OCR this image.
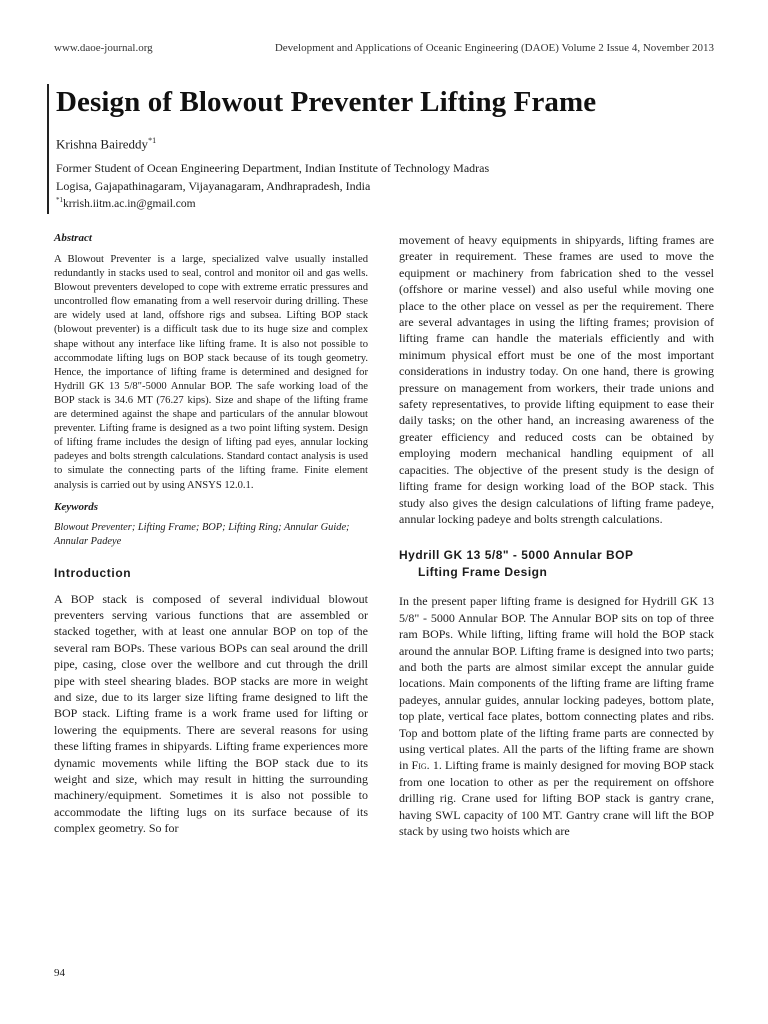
www.daoe-journal.org	Development and Applications of Oceanic Engineering (DAOE) Volume 2 Issue 4, November 2013
Design of Blowout Preventer Lifting Frame
Krishna Baireddy$^{*1}$
Former Student of Ocean Engineering Department, Indian Institute of Technology Madras
Logisa, Gajapathinagaram, Vijayanagaram, Andhrapradesh, India
$^{*1}$krrish.iitm.ac.in@gmail.com
Abstract
A Blowout Preventer is a large, specialized valve usually installed redundantly in stacks used to seal, control and monitor oil and gas wells. Blowout preventers developed to cope with extreme erratic pressures and uncontrolled flow emanating from a well reservoir during drilling. These are widely used at land, offshore rigs and subsea. Lifting BOP stack (blowout preventer) is a difficult task due to its huge size and complex shape without any interface like lifting frame. It is also not possible to accommodate lifting lugs on BOP stack because of its tough geometry. Hence, the importance of lifting frame is determined and designed for Hydrill GK 13 5/8"-5000 Annular BOP. The safe working load of the BOP stack is 34.6 MT (76.27 kips). Size and shape of the lifting frame are determined against the shape and particulars of the annular blowout preventer. Lifting frame is designed as a two point lifting system. Design of lifting frame includes the design of lifting pad eyes, annular locking padeyes and bolts strength calculations. Standard contact analysis is used to simulate the connecting parts of the lifting frame. Finite element analysis is carried out by using ANSYS 12.0.1.
Keywords
Blowout Preventer; Lifting Frame; BOP; Lifting Ring; Annular Guide; Annular Padeye
Introduction
A BOP stack is composed of several individual blowout preventers serving various functions that are assembled or stacked together, with at least one annular BOP on top of the several ram BOPs. These various BOPs can seal around the drill pipe, casing, close over the wellbore and cut through the drill pipe with steel shearing blades. BOP stacks are more in weight and size, due to its larger size lifting frame designed to lift the BOP stack. Lifting frame is a work frame used for lifting or lowering the equipments. There are several reasons for using these lifting frames in shipyards. Lifting frame experiences more dynamic movements while lifting the BOP stack due to its weight and size, which may result in hitting the surrounding machinery/equipment. Sometimes it is also not possible to accommodate the lifting lugs on its surface because of its complex geometry. So for
movement of heavy equipments in shipyards, lifting frames are greater in requirement. These frames are used to move the equipment or machinery from fabrication shed to the vessel (offshore or marine vessel) and also useful while moving one place to the other place on vessel as per the requirement. There are several advantages in using the lifting frames; provision of lifting frame can handle the materials efficiently and with minimum physical effort must be one of the most important considerations in industry today. On one hand, there is growing pressure on management from workers, their trade unions and safety representatives, to provide lifting equipment to ease their daily tasks; on the other hand, an increasing awareness of the greater efficiency and reduced costs can be obtained by employing modern mechanical handling equipment of all capacities. The objective of the present study is the design of lifting frame for design working load of the BOP stack. This study also gives the design calculations of lifting frame padeye, annular locking padeye and bolts strength calculations.
Hydrill GK 13 5/8" - 5000 Annular BOP
Lifting Frame Design
In the present paper lifting frame is designed for Hydrill GK 13 5/8" - 5000 Annular BOP. The Annular BOP sits on top of three ram BOPs. While lifting, lifting frame will hold the BOP stack around the annular BOP. Lifting frame is designed into two parts; and both the parts are almost similar except the annular guide locations. Main components of the lifting frame are lifting frame padeyes, annular guides, annular locking padeyes, bottom plate, top plate, vertical face plates, bottom connecting plates and ribs. Top and bottom plate of the lifting frame parts are connected by using vertical plates. All the parts of the lifting frame are shown in Fig. 1. Lifting frame is mainly designed for moving BOP stack from one location to other as per the requirement on offshore drilling rig. Crane used for lifting BOP stack is gantry crane, having SWL capacity of 100 MT. Gantry crane will lift the BOP stack by using two hoists which are
94
